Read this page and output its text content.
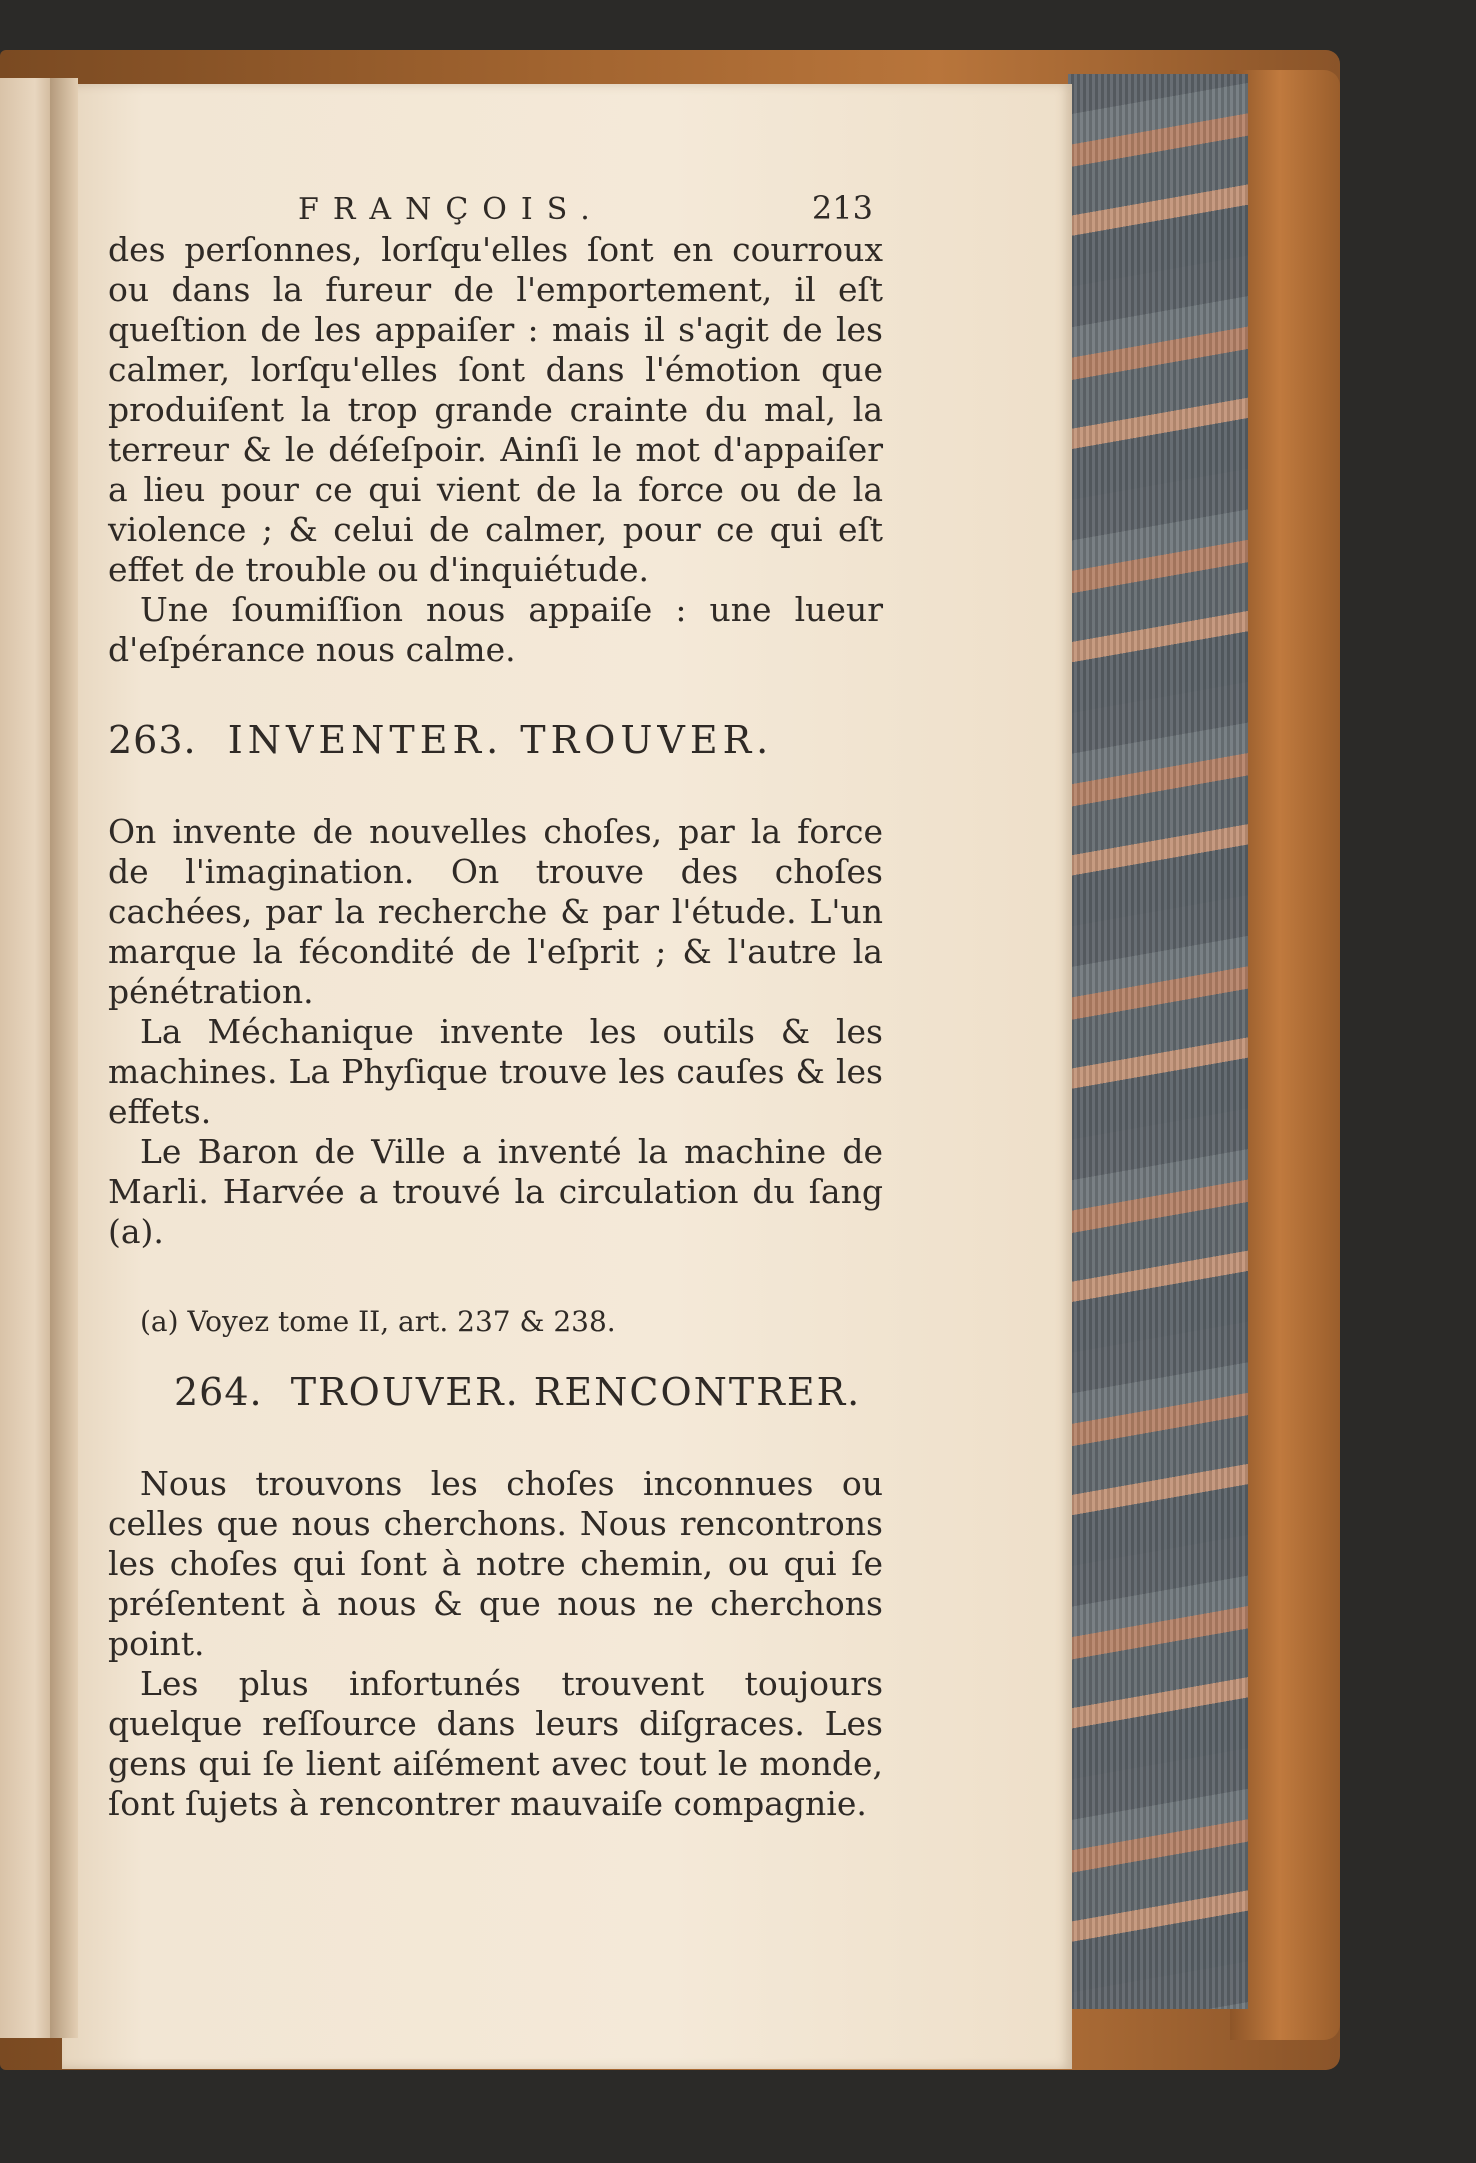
FRANÇOIS.	213

des perſonnes, lorſqu'elles ſont en courroux ou dans la fureur de l'emportement, il eſt queſtion de les appaiſer : mais il s'agit de les calmer, lorſqu'elles ſont dans l'émotion que produiſent la trop grande crainte du mal, la terreur & le déſeſpoir. Ainſi le mot d'appaiſer a lieu pour ce qui vient de la force ou de la violence ; & celui de calmer, pour ce qui eſt effet de trouble ou d'inquiétude.

Une ſoumiſſion nous appaiſe : une lueur d'eſpérance nous calme.

263. INVENTER. TROUVER.

On invente de nouvelles choſes, par la force de l'imagination. On trouve des choſes cachées, par la recherche & par l'étude. L'un marque la fécondité de l'eſprit ; & l'autre la pénétration.

La Méchanique invente les outils & les machines. La Phyſique trouve les cauſes & les effets.

Le Baron de Ville a inventé la machine de Marli. Harvée a trouvé la circulation du ſang (a).

(a) Voyez tome II, art. 237 & 238.

264. TROUVER. RENCONTRER.

Nous trouvons les choſes inconnues ou celles que nous cherchons. Nous rencontrons les choſes qui ſont à notre chemin, ou qui ſe préſentent à nous & que nous ne cherchons point.

Les plus infortunés trouvent toujours quelque reſſource dans leurs diſgraces. Les gens qui ſe lient aiſément avec tout le monde, ſont ſujets à rencontrer mauvaiſe compagnie.
